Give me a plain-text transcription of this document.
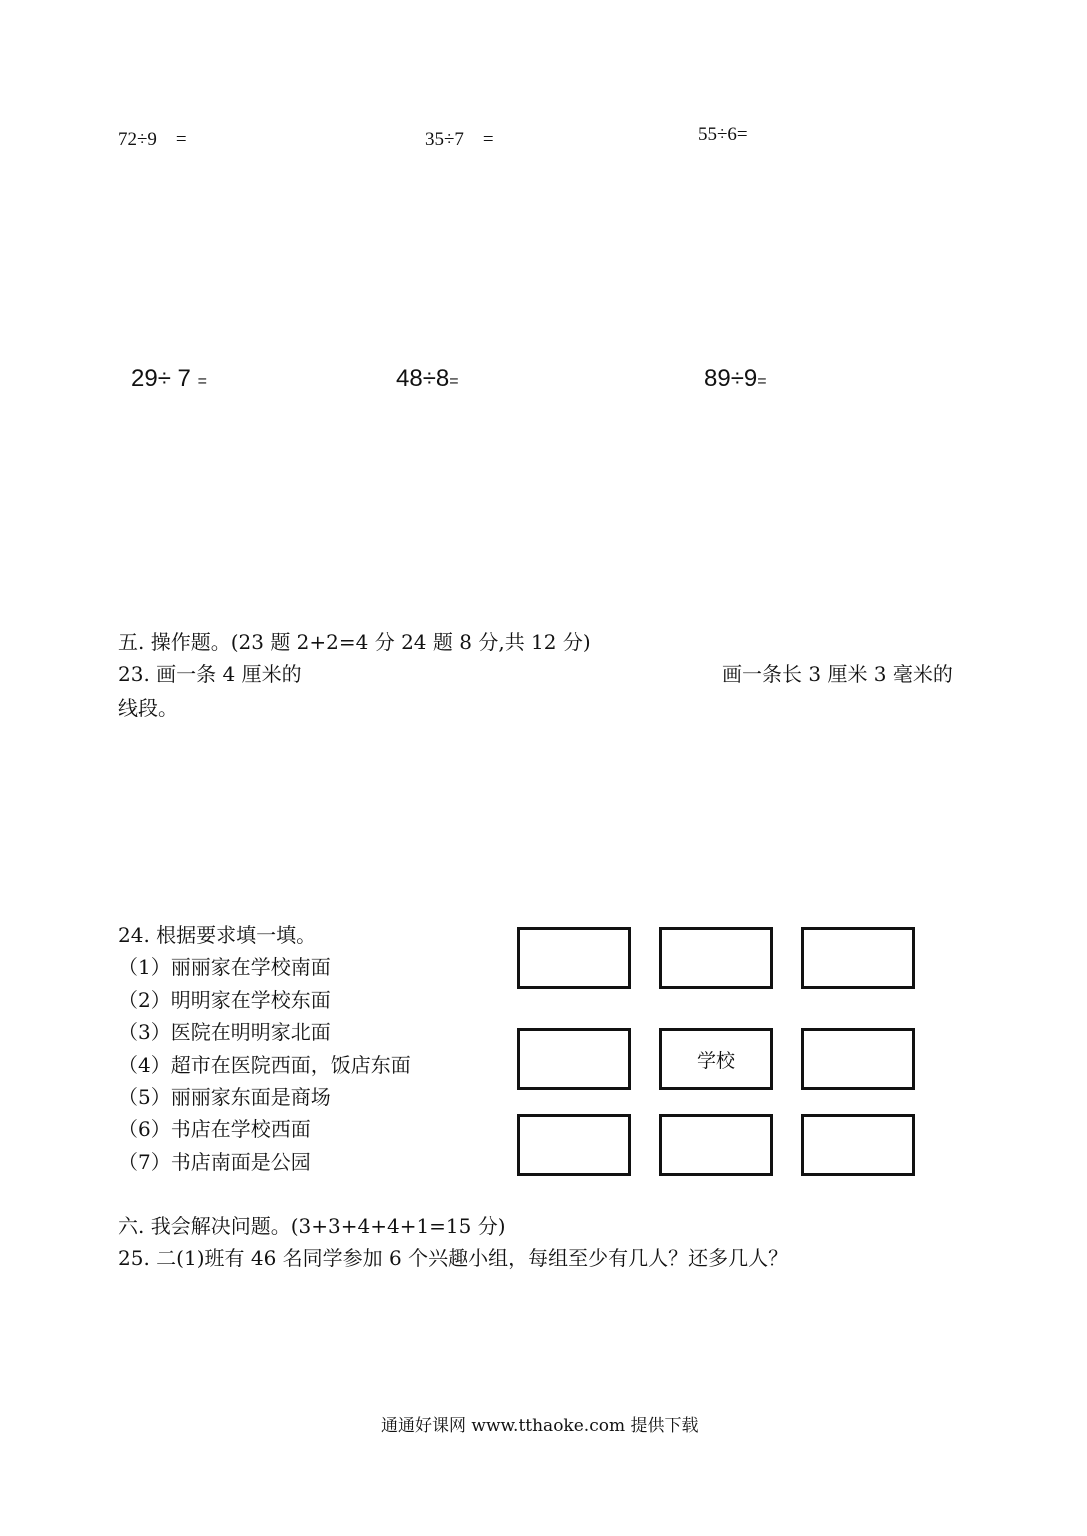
72÷9　=	35÷7　=	55÷6=
29÷ 7 =	48÷8=	89÷9=
五. 操作题。(23 题 2+2=4 分 24 题 8 分,共 12 分)
23. 画一条 4 厘米的	画一条长 3 厘米 3 毫米的
线段。
24. 根据要求填一填。
（1）丽丽家在学校南面
（2）明明家在学校东面
（3）医院在明明家北面
（4）超市在医院西面，饭店东面
（5）丽丽家东面是商场
（6）书店在学校西面
（7）书店南面是公园
学校
六. 我会解决问题。(3+3+4+4+1=15 分)
25. 二(1)班有 46 名同学参加 6 个兴趣小组，每组至少有几人？还多几人？
通通好课网 www.tthaoke.com 提供下载
